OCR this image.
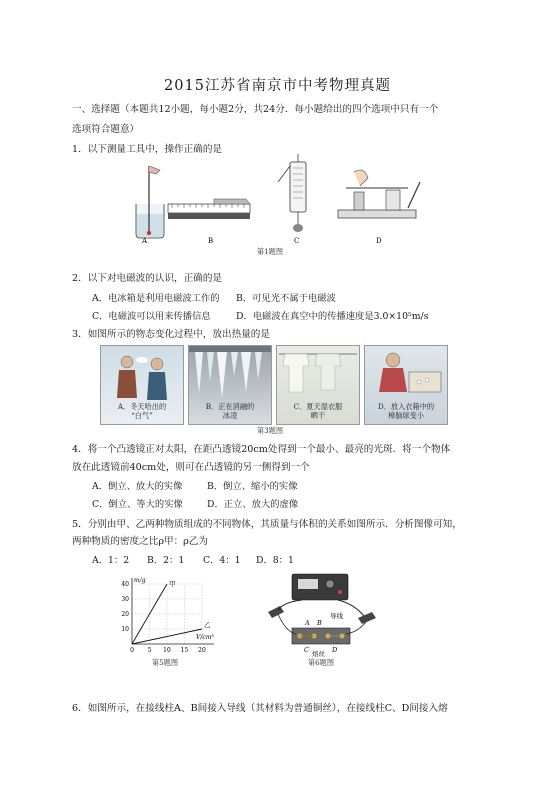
2015江苏省南京市中考物理真题
一、选择题（本题共12小题，每小题2分，共24分．每小题给出的四个选项中只有一个
选项符合题意）
1．以下测量工具中，操作正确的是
A	B	C	D
第1题图
2．以下对电磁波的认识，正确的是
A．电冰箱是利用电磁波工作的 B．可见光不属于电磁波
C．电磁波可以用来传播信息	D．电磁波在真空中的传播速度是3.0×10⁵m/s
3．如图所示的物态变化过程中，放出热量的是
A．冬天哈出的
“白气”
B．正在消融的
冰凌
C．夏天湿衣服
晒干
D．放入衣箱中的
樟脑球变小
第3题图
4．将一个凸透镜正对太阳，在距凸透镜20cm处得到一个最小、最亮的光斑．将一个物体
放在此透镜前40cm处，则可在凸透镜的另一侧得到一个
A．倒立、放大的实像	B．倒立、缩小的实像
C．倒立、等大的实像	D．正立、放大的虚像
5．分别由甲、乙两种物质组成的不同物体，其质量与体积的关系如图所示．分析图像可知，
两种物质的密度之比ρ甲：ρ乙为
A．1：2 B．2：1 C．4：1 D．8：1
m/g
V/cm³
40
30
20
10
0 5 10 15 20
甲
乙
第5题图
导线
A B
C	D
熔丝
第6题图
6．如图所示，在接线柱A、B间接入导线（其材料为普通铜丝），在接线柱C、D间接入熔
